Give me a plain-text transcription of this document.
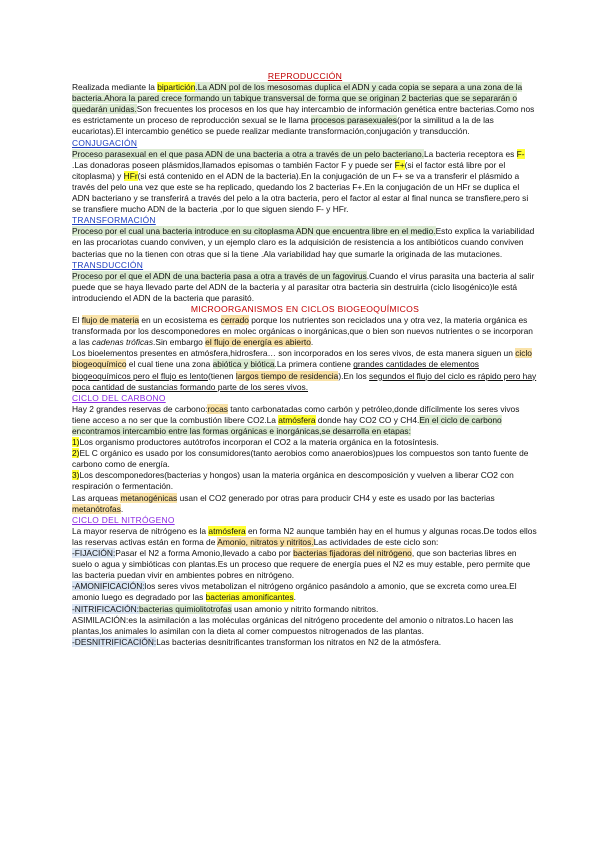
REPRODUCCIÓN

Realizada mediante la bipartición.La ADN pol de los mesosomas duplica el ADN y cada copia se separa a una zona de la bacteria.Ahora la pared crece formando un tabique transversal de forma que se originan 2 bacterias que se separarán o quedarán unidas.Son frecuentes los procesos en los que hay intercambio de información genética entre bacterias.Como nos es estrictamente un proceso de reproducción sexual se le llama procesos parasexuales(por la similitud a la de las eucariotas).El intercambio genético se puede realizar mediante transformación,conjugación y transducción.

CONJUGACIÓN

Proceso parasexual en el que pasa ADN de una bacteria a otra a través de un pelo bacteriano.La bacteria receptora es F- .Las donadoras poseen plásmidos,llamados episomas o también Factor F y puede ser F+(si el factor está libre por el citoplasma) y HFr(si está contenido en el ADN de la bacteria).En la conjugación de un F+ se va a transferir el plásmido a través del pelo una vez que este se ha replicado, quedando los 2 bacterias F+.En la conjugación de un HFr se duplica el ADN bacteriano y se transferirá a través del pelo a la otra bacteria, pero el factor al estar al final nunca se transfiere,pero si se transfiere mucho ADN de la bacteria ,por lo que siguen siendo F- y HFr.

TRANSFORMACIÓN

Proceso por el cual una bacteria introduce en su citoplasma ADN que encuentra libre en el medio.Esto explica la variabilidad en las procariotas cuando conviven, y un ejemplo claro es la adquisición de resistencia a los antibióticos cuando conviven bacterias que no la tienen con otras que si la tiene .Ala variabilidad hay que sumarle la originada de las mutaciones.

TRANSDUCCIÓN

Proceso por el que el ADN de una bacteria pasa a otra a través de un fagovirus.Cuando el virus parasita una bacteria al salir puede que se haya llevado parte del ADN de la bacteria y al parasitar otra bacteria sin destruirla (ciclo lisogénico)le está introduciendo el ADN de la bacteria que parasitó.

MICROORGANISMOS EN CICLOS BIOGEOQUÍMICOS

El flujo de materia en un ecosistema es cerrado porque los nutrientes son reciclados una y otra vez, la materia orgánica es transformada por los descomponedores en molec orgánicas o inorgánicas,que o bien son nuevos nutrientes o se incorporan a las cadenas tróficas.Sin embargo el flujo de energía es abierto.

Los bioelementos presentes en atmósfera,hidrosfera… son incorporados en los seres vivos, de esta manera siguen un ciclo biogeoquímico el cual tiene una zona abiótica y biótica.La primera contiene grandes cantidades de elementos biogeoquímicos pero el flujo es lento(tienen largos tiempo de residencia).En los segundos el flujo del ciclo es rápido pero hay poca cantidad de sustancias formando parte de los seres vivos.

CICLO DEL CARBONO

Hay 2 grandes reservas de carbono:rocas tanto carbonatadas como carbón y petróleo,donde difícilmente los seres vivos tiene acceso a no ser que la combustión libere CO2.La atmósfera donde hay CO2 CO y CH4.En el ciclo de carbono encontramos intercambio entre las formas orgánicas e inorgánicas,se desarrolla en etapas:

1)Los organismo productores autótrofos incorporan el CO2 a la materia orgánica en la fotosíntesis.

2)EL C orgánico es usado por los consumidores(tanto aerobios como anaerobios)pues los compuestos son tanto fuente de carbono como de energía.

3)Los descomponedores(bacterias y hongos) usan la materia orgánica en descomposición y vuelven a liberar CO2 con respiración o fermentación.

Las arqueas metanogénicas usan el CO2 generado por otras para producir CH4 y este es usado por las bacterias metanótrofas.

CICLO DEL NITRÓGENO

La mayor reserva de nitrógeno es la atmósfera en forma N2 aunque también hay en el humus y algunas rocas.De todos ellos las reservas activas están en forma de Amonio, nitratos y nitritos.Las actividades de este ciclo son:

-FIJACIÓN:Pasar el N2 a forma Amonio,llevado a cabo por bacterias fijadoras del nitrógeno, que son bacterias libres en suelo o agua y simbióticas con plantas.Es un proceso que requere de energía pues el N2 es muy estable, pero permite que las bacteria puedan vivir en ambientes pobres en nitrógeno.

-AMONIFICACIÓN:los seres vivos metabolizan el nitrógeno orgánico pasándolo a amonio, que se excreta como urea.El amonio luego es degradado por las bacterias amonificantes.

-NITRIFICACIÓN:bacterias quimiolitotrofas usan amonio y nitrito formando nitritos.

ASIMILACIÓN:es la asimilación a las moléculas orgánicas del nitrógeno procedente del amonio o nitratos.Lo hacen las plantas,los animales lo asimilan con la dieta al comer compuestos nitrogenados de las plantas.

-DESNITRIFICACIÓN:Las bacterias desnitrificantes transforman los nitratos en N2 de la atmósfera.
